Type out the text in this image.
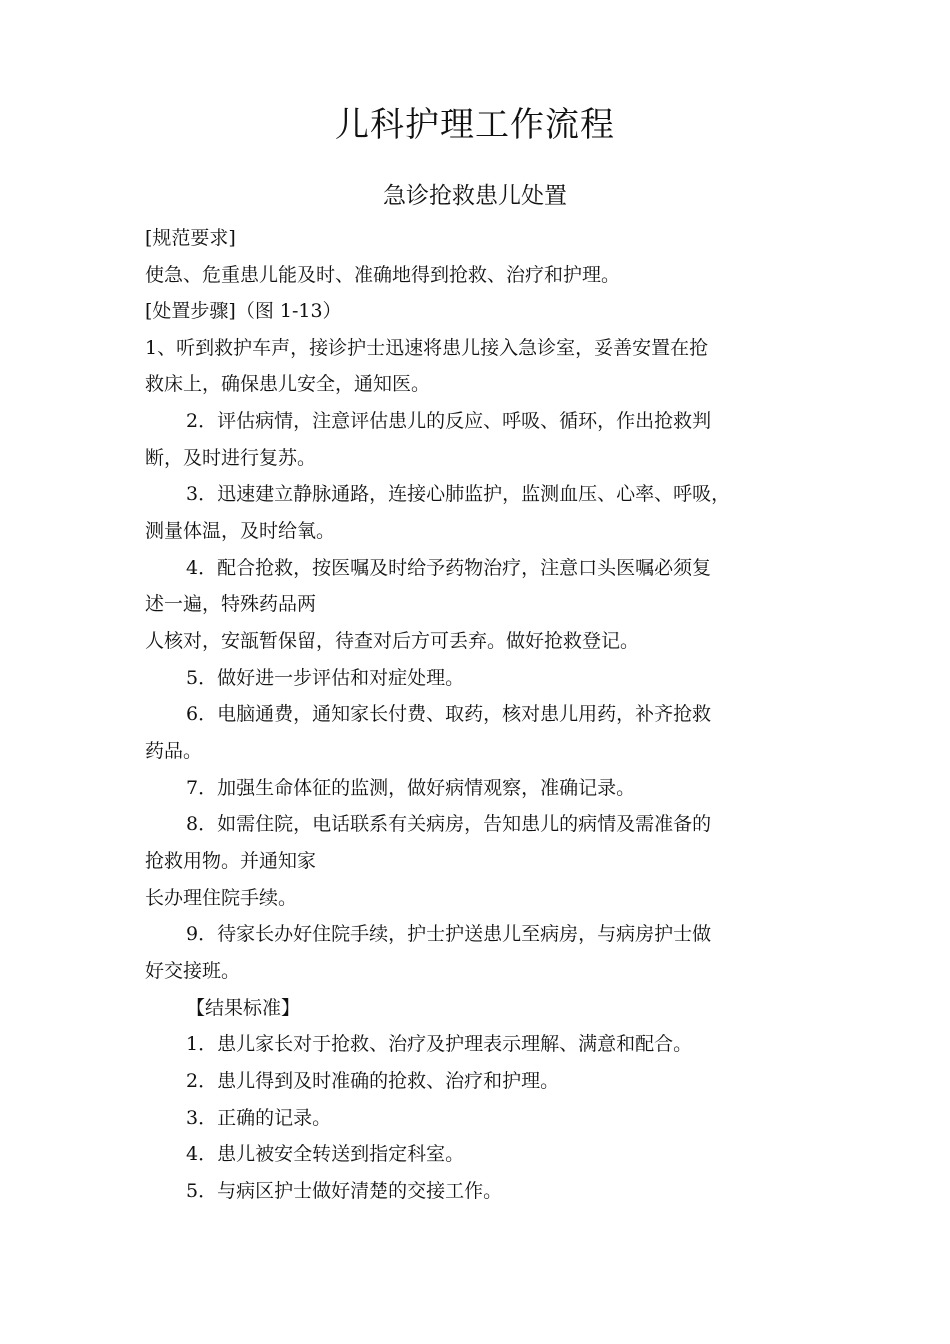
儿科护理工作流程
急诊抢救患儿处置
[规范要求]
使急、危重患儿能及时、准确地得到抢救、治疗和护理。
[处置步骤]（图 1-13）
1、听到救护车声，接诊护士迅速将患儿接入急诊室，妥善安置在抢
救床上，确保患儿安全，通知医。
2．评估病情，注意评估患儿的反应、呼吸、循环，作出抢救判
断，及时进行复苏。
3．迅速建立静脉通路，连接心肺监护，监测血压、心率、呼吸，
测量体温，及时给氧。
4．配合抢救，按医嘱及时给予药物治疗，注意口头医嘱必须复
述一遍，特殊药品两
人核对，安瓿暂保留，待查对后方可丢弃。做好抢救登记。
5．做好进一步评估和对症处理。
6．电脑通费，通知家长付费、取药，核对患儿用药，补齐抢救
药品。
7．加强生命体征的监测，做好病情观察，准确记录。
8．如需住院，电话联系有关病房，告知患儿的病情及需准备的
抢救用物。并通知家
长办理住院手续。
9．待家长办好住院手续，护士护送患儿至病房，与病房护士做
好交接班。
【结果标准】
1．患儿家长对于抢救、治疗及护理表示理解、满意和配合。
2．患儿得到及时准确的抢救、治疗和护理。
3．正确的记录。
4．患儿被安全转送到指定科室。
5．与病区护士做好清楚的交接工作。
